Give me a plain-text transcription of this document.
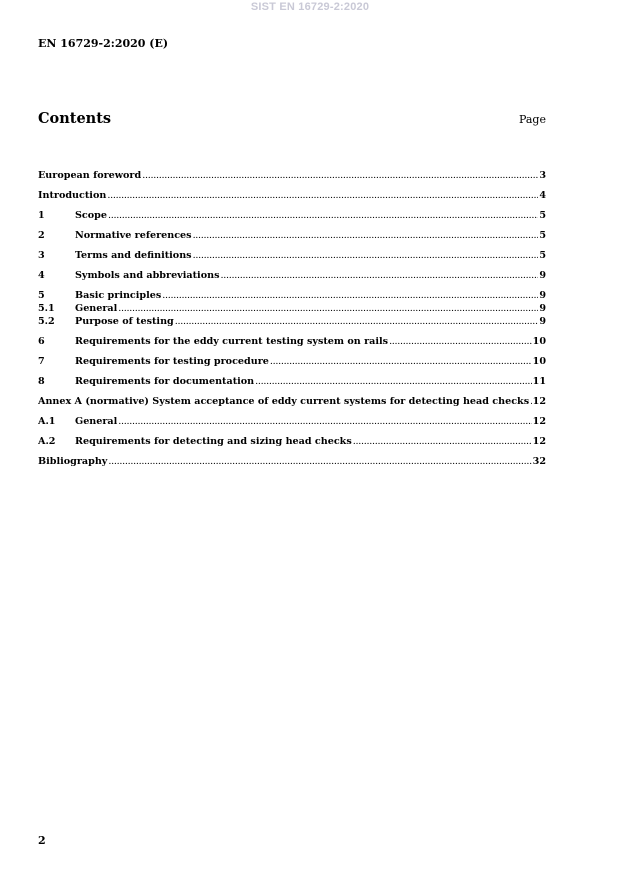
SIST EN 16729-2:2020
EN 16729-2:2020 (E)
Contents	Page
European foreword .....	3
Introduction .....	4
1	Scope .....	5
2	Normative references .....	5
3	Terms and definitions .....	5
4	Symbols and abbreviations .....	9
5	Basic principles .....	9
5.1	General .....	9
5.2	Purpose of testing .....	9
6	Requirements for the eddy current testing system on rails .....	10
7	Requirements for testing procedure .....	10
8	Requirements for documentation .....	11
Annex A (normative) System acceptance of eddy current systems for detecting head checks ..... 12
A.1	General .....	12
A.2	Requirements for detecting and sizing head checks .....	12
Bibliography .....	32
2
